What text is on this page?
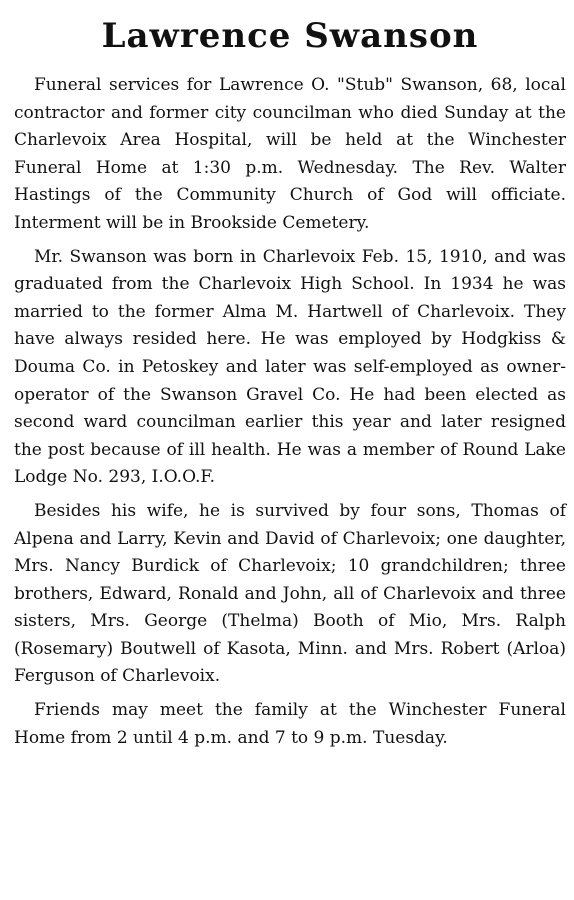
Lawrence Swanson

Funeral services for Lawrence O. "Stub" Swanson, 68, local contractor and former city councilman who died Sunday at the Charlevoix Area Hospital, will be held at the Winchester Funeral Home at 1:30 p.m. Wednesday. The Rev. Walter Hastings of the Community Church of God will officiate. Interment will be in Brookside Cemetery.

Mr. Swanson was born in Charlevoix Feb. 15, 1910, and was graduated from the Charlevoix High School. In 1934 he was married to the former Alma M. Hartwell of Charlevoix. They have always resided here. He was employed by Hodgkiss & Douma Co. in Petoskey and later was self-employed as owner-operator of the Swanson Gravel Co. He had been elected as second ward councilman earlier this year and later resigned the post because of ill health. He was a member of Round Lake Lodge No. 293, I.O.O.F.

Besides his wife, he is survived by four sons, Thomas of Alpena and Larry, Kevin and David of Charlevoix; one daughter, Mrs. Nancy Burdick of Charlevoix; 10 grandchildren; three brothers, Edward, Ronald and John, all of Charlevoix and three sisters, Mrs. George (Thelma) Booth of Mio, Mrs. Ralph (Rosemary) Boutwell of Kasota, Minn. and Mrs. Robert (Arloa) Ferguson of Charlevoix.

Friends may meet the family at the Winchester Funeral Home from 2 until 4 p.m. and 7 to 9 p.m. Tuesday.
